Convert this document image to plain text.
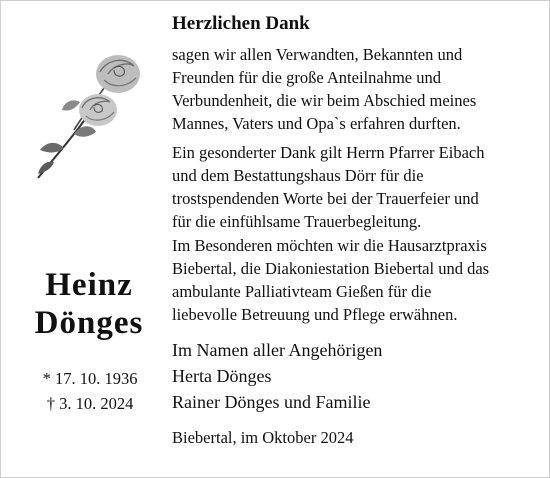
Heinz
Dönges
* 17. 10. 1936
† 3. 10. 2024
Herzlichen Dank
sagen wir allen Verwandten, Bekannten und
Freunden für die große Anteilnahme und
Verbundenheit, die wir beim Abschied meines
Mannes, Vaters und Opa`s erfahren durften.
Ein gesonderter Dank gilt Herrn Pfarrer Eibach
und dem Bestattungshaus Dörr für die
trostspendenden Worte bei der Trauerfeier und
für die einfühlsame Trauerbegleitung.
Im Besonderen möchten wir die Hausarztpraxis
Biebertal, die Diakoniestation Biebertal und das
ambulante Palliativteam Gießen für die
liebevolle Betreuung und Pflege erwähnen.
Im Namen aller Angehörigen
Herta Dönges
Rainer Dönges und Familie
Biebertal, im Oktober 2024
